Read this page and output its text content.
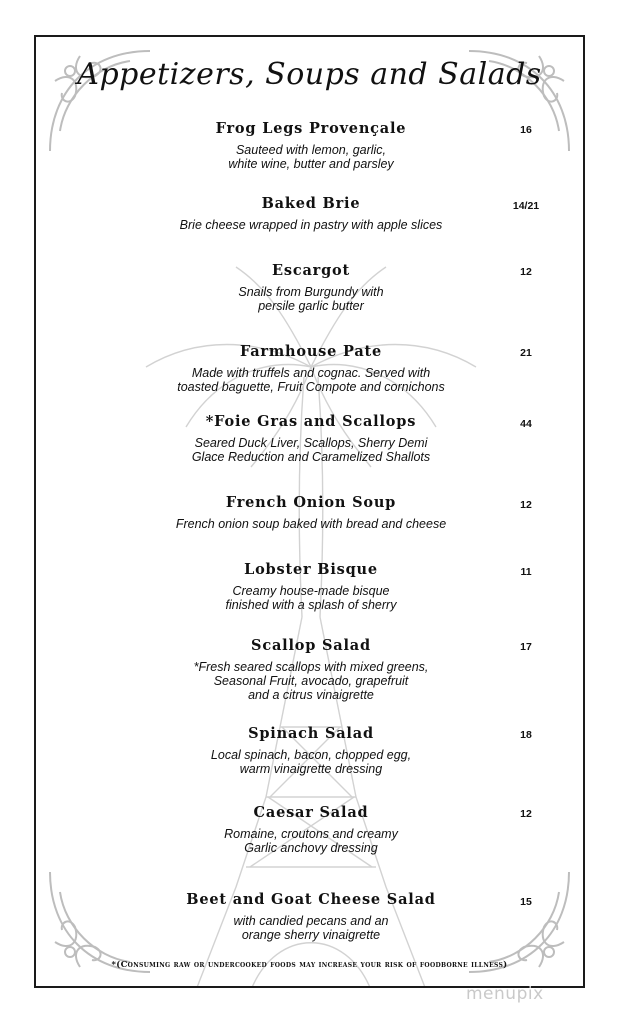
Appetizers, Soups and Salads
Frog Legs Provençale
Sauteed with lemon, garlic,
white wine, butter and parsley
16
Baked Brie
Brie cheese wrapped in pastry with apple slices
14/21
Escargot
Snails from Burgundy with
persile garlic butter
12
Farmhouse Pate
Made with truffels and cognac. Served with
toasted baguette, Fruit Compote and cornichons
21
*Foie Gras and Scallops
Seared Duck Liver, Scallops, Sherry Demi
Glace Reduction and Caramelized Shallots
44
French Onion Soup
French onion soup baked with bread and cheese
12
Lobster Bisque
Creamy house-made bisque
finished with a splash of sherry
11
Scallop Salad
*Fresh seared scallops with mixed greens,
Seasonal Fruit, avocado, grapefruit
and a citrus vinaigrette
17
Spinach Salad
Local spinach, bacon, chopped egg,
warm vinaigrette dressing
18
Caesar Salad
Romaine, croutons and creamy
Garlic anchovy dressing
12
Beet and Goat Cheese Salad
with candied pecans and an
orange sherry vinaigrette
15
*(Consuming raw or undercooked foods may increase your risk of foodborne illness)
menupix
